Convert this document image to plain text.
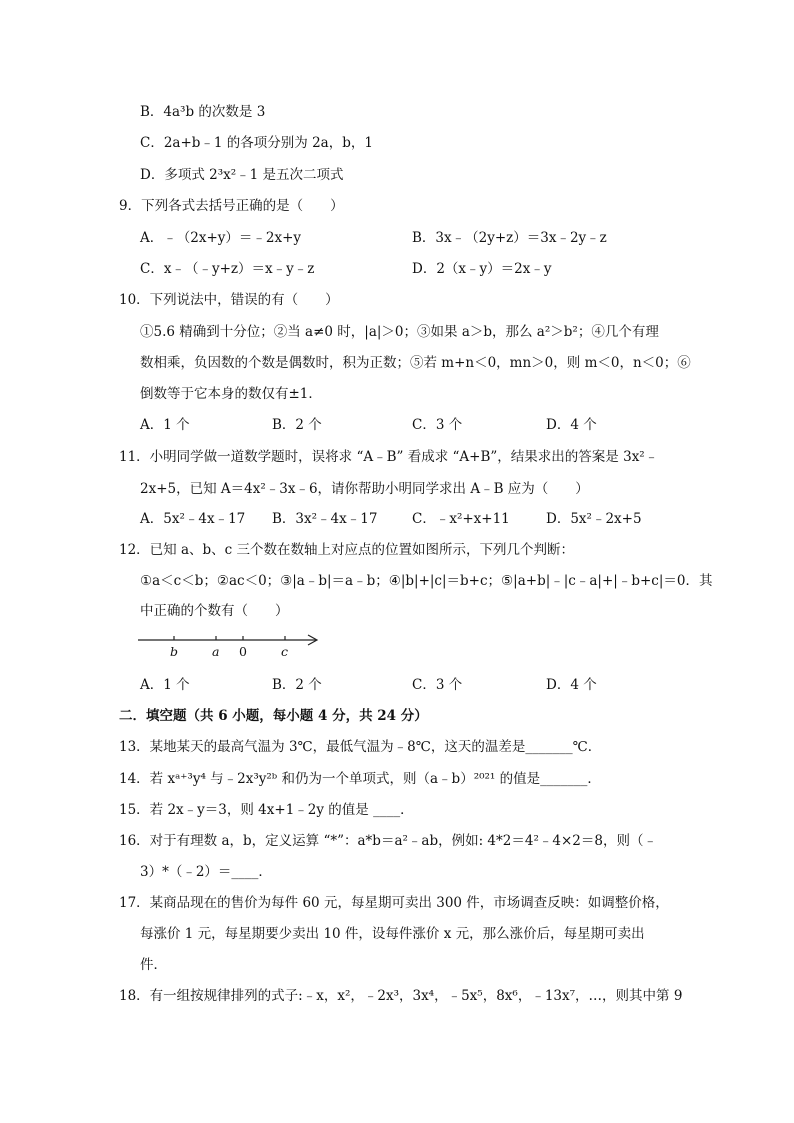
B．4a³b 的次数是 3
C．2a+b﹣1 的各项分别为 2a，b，1
D．多项式 2³x²﹣1 是五次二项式
9．下列各式去括号正确的是（　　）
A．﹣（2x+y）＝﹣2x+y	B．3x﹣（2y+z）＝3x﹣2y﹣z
C．x﹣（﹣y+z）＝x﹣y﹣z	D．2（x﹣y）＝2x﹣y
10．下列说法中，错误的有（　　）
①5.6 精确到十分位；②当 a≠0 时，|a|＞0；③如果 a＞b，那么 a²＞b²；④几个有理
数相乘，负因数的个数是偶数时，积为正数；⑤若 m+n＜0，mn＞0，则 m＜0，n＜0；⑥
倒数等于它本身的数仅有±1．
A．1 个	B．2 个	C．3 个	D．4 个
11．小明同学做一道数学题时，误将求 “A﹣B” 看成求 “A+B”，结果求出的答案是 3x²﹣
2x+5，已知 A＝4x²﹣3x﹣6，请你帮助小明同学求出 A﹣B 应为（　　）
A．5x²﹣4x﹣17 B．3x²﹣4x﹣17	C．﹣x²+x+11	D．5x²﹣2x+5
12．已知 a、b、c 三个数在数轴上对应点的位置如图所示，下列几个判断：
①a＜c＜b；②ac＜0；③|a﹣b|＝a﹣b；④|b|+|c|＝b+c；⑤|a+b|﹣|c﹣a|+|﹣b+c|＝0．其
中正确的个数有（　　）
b	a 0	c
A．1 个	B．2 个	C．3 个	D．4 个
二．填空题（共 6 小题，每小题 4 分，共 24 分）
13．某地某天的最高气温为 3℃，最低气温为﹣8℃，这天的温差是_______℃．
14．若 xᵃ⁺³y⁴ 与﹣2x³y²ᵇ 和仍为一个单项式，则（a﹣b）²⁰²¹ 的值是_______．
15．若 2x﹣y＝3，则 4x+1﹣2y 的值是 ____．
16．对于有理数 a，b，定义运算 “*”：a*b＝a²﹣ab，例如: 4*2＝4²﹣4×2＝8，则（﹣
3）*（﹣2）＝____．
17．某商品现在的售价为每件 60 元，每星期可卖出 300 件，市场调查反映：如调整价格，
每涨价 1 元，每星期要少卖出 10 件，设每件涨价 x 元，那么涨价后，每星期可卖出
件．
18．有一组按规律排列的式子:﹣x，x²，﹣2x³，3x⁴，﹣5x⁵，8x⁶，﹣13x⁷，…，则其中第 9
